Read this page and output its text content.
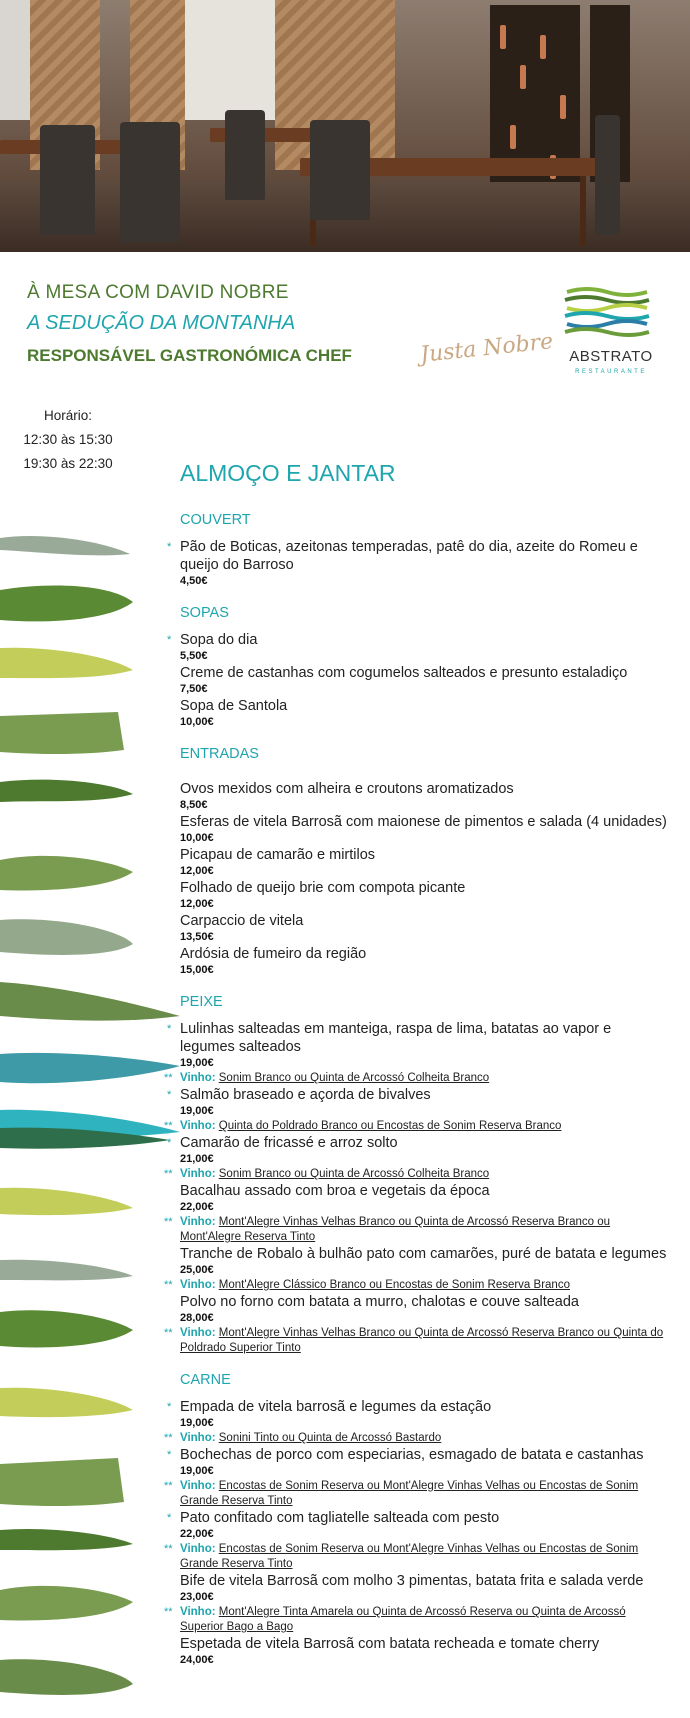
À MESA COM DAVID NOBRE
A SEDUÇÃO DA MONTANHA
RESPONSÁVEL GASTRONÓMICA CHEF	Justa Nobre ABSTRATO
RESTAURANTE
Horário:
12:30 às 15:30
19:30 às 22:30	ALMOÇO E JANTAR
COUVERT
* Pão de Boticas, azeitonas temperadas, patê do dia, azeite do Romeu e queijo do Barroso
4,50€
SOPAS
* Sopa do dia
5,50€
Creme de castanhas com cogumelos salteados e presunto estaladiço
7,50€
Sopa de Santola
10,00€
ENTRADAS
Ovos mexidos com alheira e croutons aromatizados
8,50€
Esferas de vitela Barrosã com maionese de pimentos e salada (4 unidades)
10,00€
Picapau de camarão e mirtilos
12,00€
Folhado de queijo brie com compota picante
12,00€
Carpaccio de vitela
13,50€
Ardósia de fumeiro da região
15,00€
PEIXE
* Lulinhas salteadas em manteiga, raspa de lima, batatas ao vapor e legumes salteados
19,00€
** Vinho: Sonim Branco ou Quinta de Arcossó Colheita Branco
* Salmão braseado e açorda de bivalves
19,00€
** Vinho: Quinta do Poldrado Branco ou Encostas de Sonim Reserva Branco
* Camarão de fricassé e arroz solto
21,00€
** Vinho: Sonim Branco ou Quinta de Arcossó Colheita Branco
Bacalhau assado com broa e vegetais da época
22,00€
** Vinho: Mont'Alegre Vinhas Velhas Branco ou Quinta de Arcossó Reserva Branco ou Mont'Alegre Reserva Tinto
Tranche de Robalo à bulhão pato com camarões, puré de batata e legumes
25,00€
** Vinho: Mont'Alegre Clássico Branco ou Encostas de Sonim Reserva Branco
Polvo no forno com batata a murro, chalotas e couve salteada
28,00€
** Vinho: Mont'Alegre Vinhas Velhas Branco ou Quinta de Arcossó Reserva Branco ou Quinta do Poldrado Superior Tinto
CARNE
* Empada de vitela barrosã e legumes da estação
19,00€
** Vinho: Sonini Tinto ou Quinta de Arcossó Bastardo
* Bochechas de porco com especiarias, esmagado de batata e castanhas
19,00€
** Vinho: Encostas de Sonim Reserva ou Mont'Alegre Vinhas Velhas ou Encostas de Sonim Grande Reserva Tinto
* Pato confitado com tagliatelle salteada com pesto
22,00€
** Vinho: Encostas de Sonim Reserva ou Mont'Alegre Vinhas Velhas ou Encostas de Sonim Grande Reserva Tinto
Bife de vitela Barrosã com molho 3 pimentas, batata frita e salada verde
23,00€
** Vinho: Mont'Alegre Tinta Amarela ou Quinta de Arcossó Reserva ou Quinta de Arcossó Superior Bago a Bago
Espetada de vitela Barrosã com batata recheada e tomate cherry
24,00€
